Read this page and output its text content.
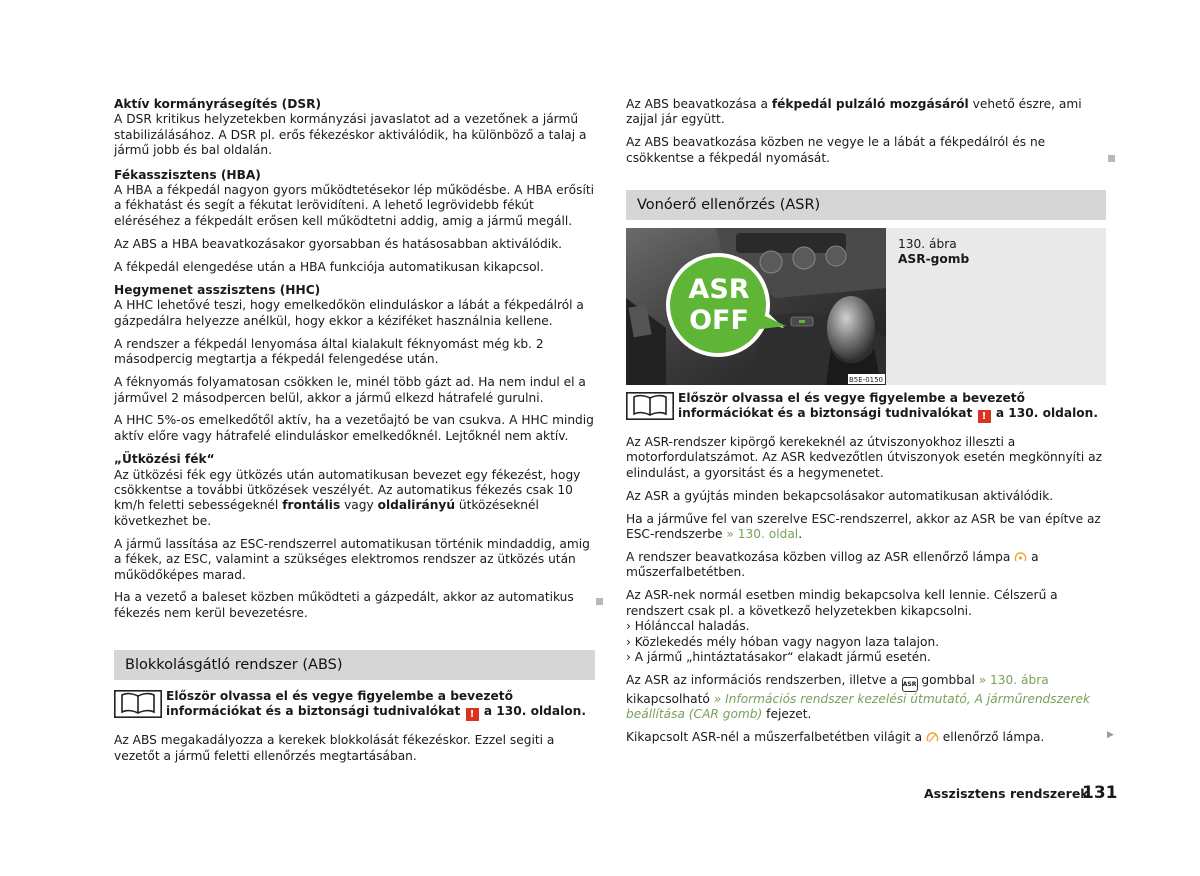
Aktív kormányrásegítés (DSR)

A DSR kritikus helyzetekben kormányzási javaslatot ad a vezetőnek a jármű stabilizálásához. A DSR pl. erős fékezéskor aktiválódik, ha különböző a talaj a jármű jobb és bal oldalán.

Fékasszisztens (HBA)

A HBA a fékpedál nagyon gyors működtetésekor lép működésbe. A HBA erősíti a fékhatást és segít a fékutat lerövidíteni. A lehető legrövidebb fékút eléréséhez a fékpedált erősen kell működtetni addig, amig a jármű megáll.

Az ABS a HBA beavatkozásakor gyorsabban és hatásosabban aktiválódik.

A fékpedál elengedése után a HBA funkciója automatikusan kikapcsol.

Hegymenet asszisztens (HHC)

A HHC lehetővé teszi, hogy emelkedőkön elinduláskor a lábát a fékpedálról a gázpedálra helyezze anélkül, hogy ekkor a kéziféket használnia kellene.

A rendszer a fékpedál lenyomása által kialakult féknyomást még kb. 2 másodpercig megtartja a fékpedál felengedése után.

A féknyomás folyamatosan csökken le, minél több gázt ad. Ha nem indul el a járművel 2 másodpercen belül, akkor a jármű elkezd hátrafelé gurulni.

A HHC 5%-os emelkedőtől aktív, ha a vezetőajtó be van csukva. A HHC mindig aktív előre vagy hátrafelé elinduláskor emelkedőknél. Lejtőknél nem aktív.

„Ütközési fék“

Az ütközési fék egy ütközés után automatikusan bevezet egy fékezést, hogy csökkentse a további ütközések veszélyét. Az automatikus fékezés csak 10 km/h feletti sebességeknél frontális vagy oldalirányú ütközéseknél következhet be.

A jármű lassítása az ESC-rendszerrel automatikusan történik mindaddig, amig a fékek, az ESC, valamint a szükséges elektromos rendszer az ütközés után működőképes marad.

Ha a vezető a baleset közben működteti a gázpedált, akkor az automatikus fékezés nem kerül bevezetésre.

Blokkolásgátló rendszer (ABS)
Először olvassa el és vegye figyelembe a bevezető információkat és a biztonsági tudnivalókat ! a 130. oldalon.

Az ABS megakadályozza a kerekek blokkolását fékezéskor. Ezzel segiti a vezetőt a jármű feletti ellenőrzés megtartásában.

Az ABS beavatkozása a fékpedál pulzáló mozgásáról vehető észre, ami zajjal jár együtt.

Az ABS beavatkozása közben ne vegye le a lábát a fékpedálról és ne csökkentse a fékpedál nyomását.

Vonóerő ellenőrzés (ASR)
ASR
OFF
B5E-0150
130. ábra
ASR-gomb
Először olvassa el és vegye figyelembe a bevezető információkat és a biztonsági tudnivalókat ! a 130. oldalon.

Az ASR-rendszer kipörgő kerekeknél az útviszonyokhoz illeszti a motorfordulatszámot. Az ASR kedvezőtlen útviszonyok esetén megkönnyíti az elindulást, a gyorsitást és a hegymenetet.

Az ASR a gyújtás minden bekapcsolásakor automatikusan aktiválódik.

Ha a járműve fel van szerelve ESC-rendszerrel, akkor az ASR be van építve az ESC-rendszerbe » 130. oldal.

A rendszer beavatkozása közben villog az ASR ellenőrző lámpa  a műszerfalbetétben.

Az ASR-nek normál esetben mindig bekapcsolva kell lennie. Célszerű a rendszert csak pl. a következő helyzetekben kikapcsolni.

› Hólánccal haladás.
› Közlekedés mély hóban vagy nagyon laza talajon.
› A jármű „hintáztatásakor“ elakadt jármű esetén.

Az ASR az információs rendszerben, illetve a ASR gombbal » 130. ábra kikapcsolható » Információs rendszer kezelési útmutató, A járműrendszerek beállítása (CAR gomb) fejezet.

Kikapcsolt ASR-nél a műszerfalbetétben világit a  ellenőrző lámpa.	▶
Asszisztens rendszerek
131
